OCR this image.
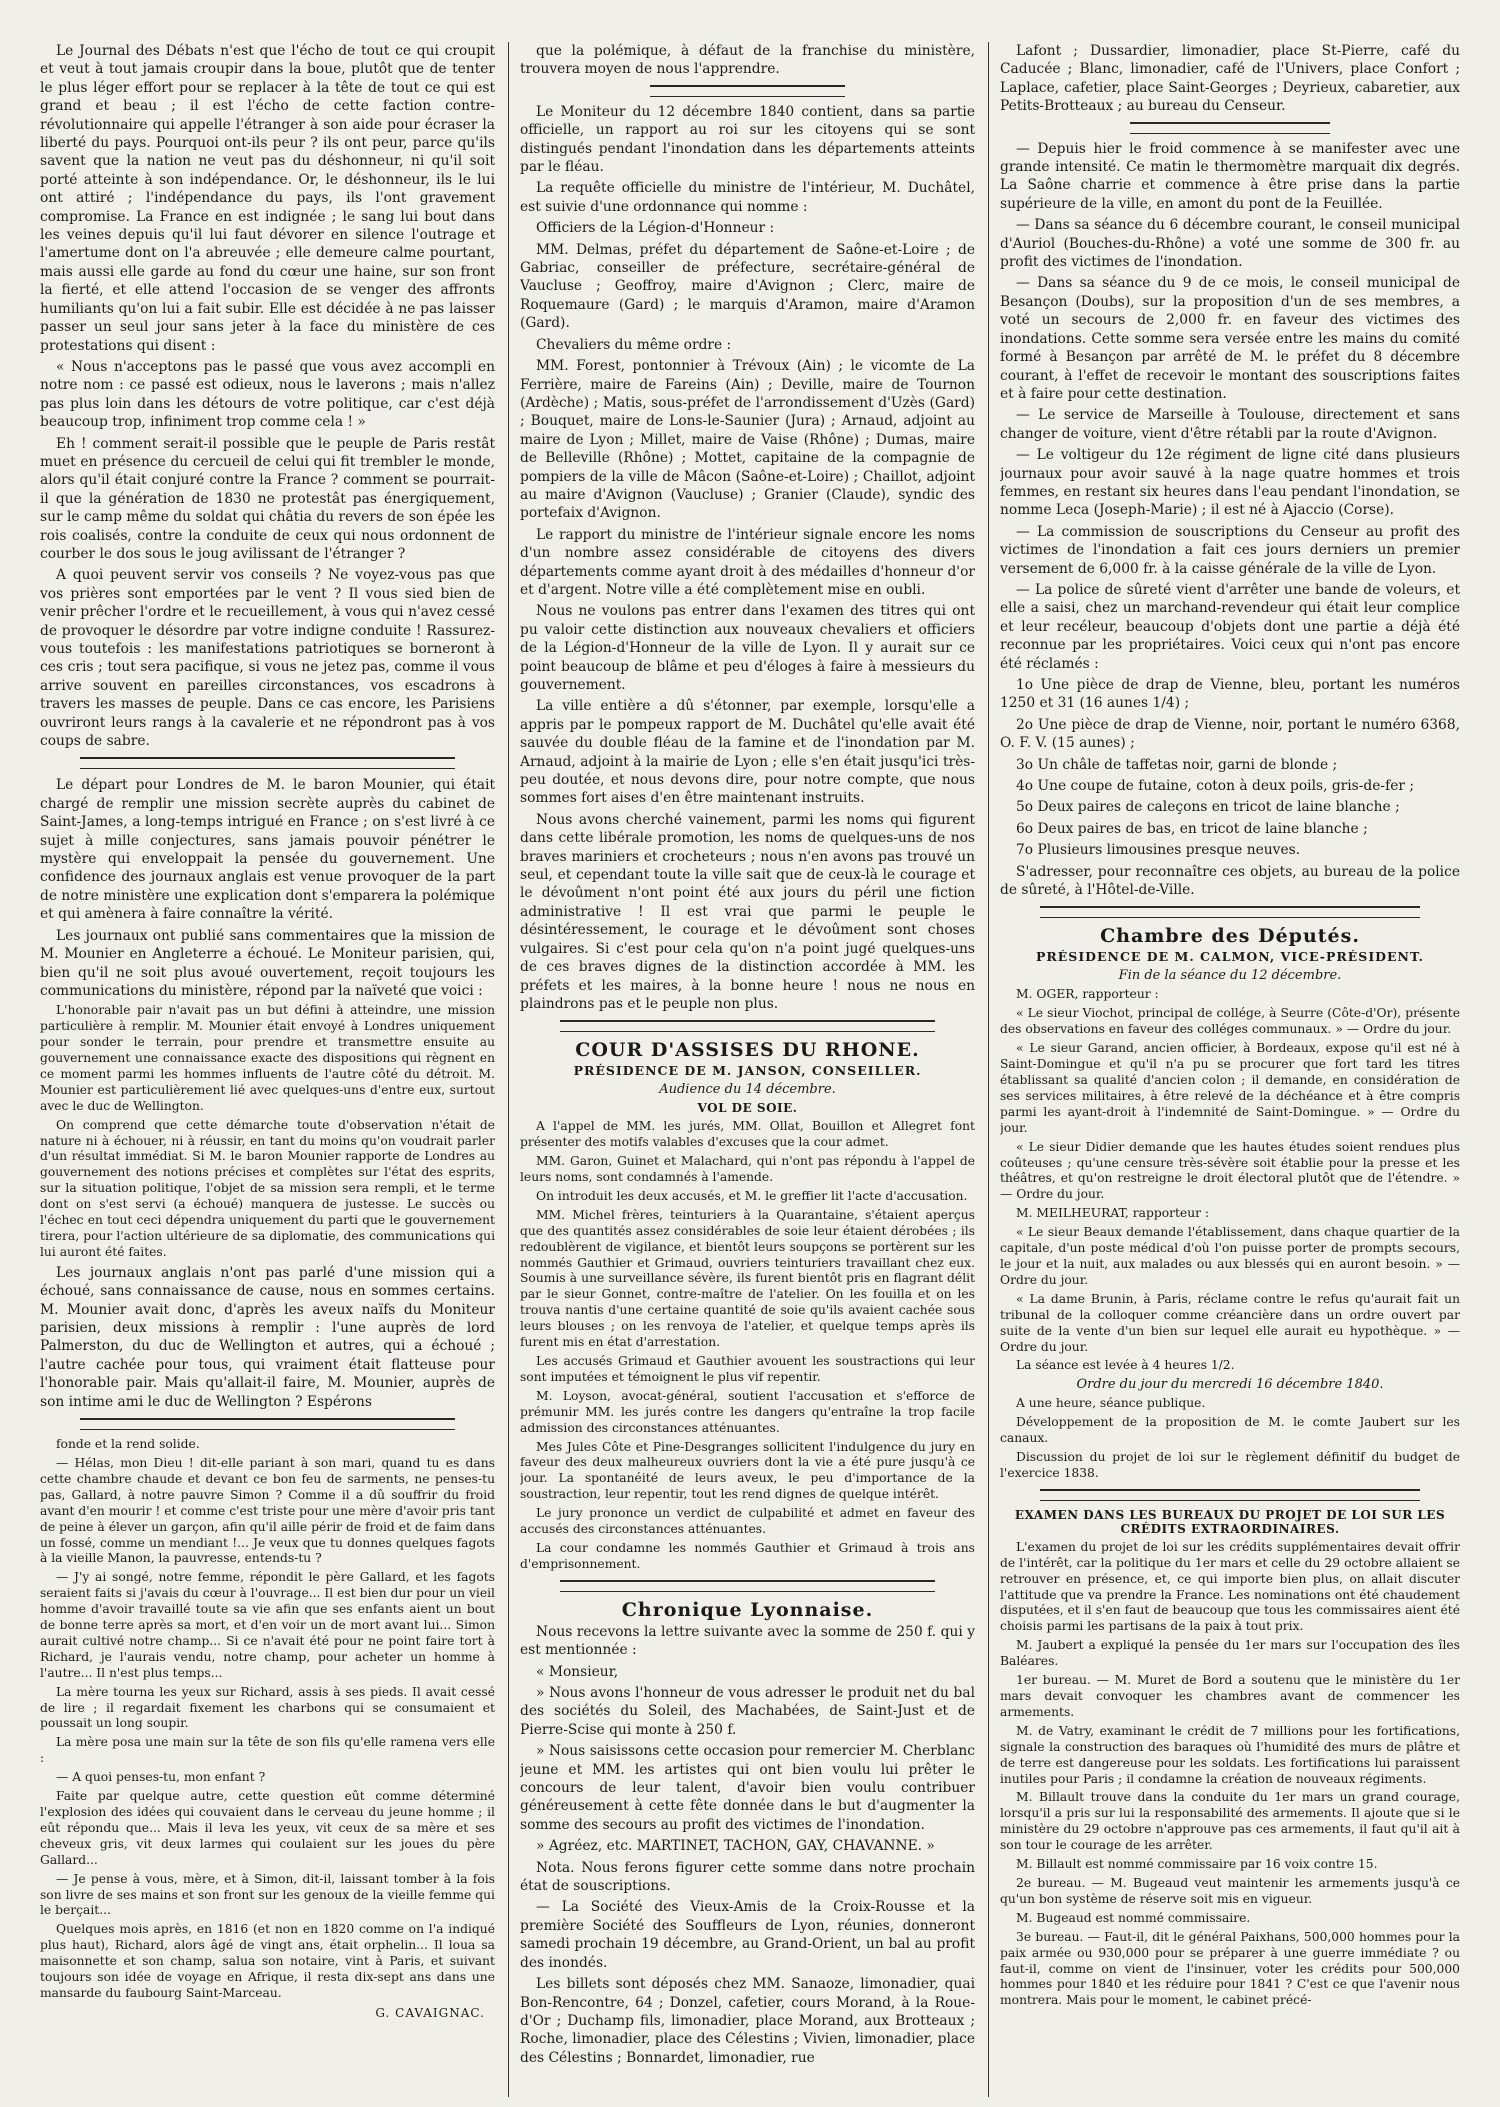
Le Journal des Débats n'est que l'écho de tout ce qui croupit et veut à tout jamais croupir dans la boue, plutôt que de tenter le plus léger effort pour se replacer à la tête de tout ce qui est grand et beau ; il est l'écho de cette faction contre-révolutionnaire qui appelle l'étranger à son aide pour écraser la liberté du pays. Pourquoi ont-ils peur ? ils ont peur, parce qu'ils savent que la nation ne veut pas du déshonneur, ni qu'il soit porté atteinte à son indépendance. Or, le déshonneur, ils le lui ont attiré ; l'indépendance du pays, ils l'ont gravement compromise. La France en est indignée ; le sang lui bout dans les veines depuis qu'il lui faut dévorer en silence l'outrage et l'amertume dont on l'a abreuvée ; elle demeure calme pourtant, mais aussi elle garde au fond du cœur une haine, sur son front la fierté, et elle attend l'occasion de se venger des affronts humiliants qu'on lui a fait subir. Elle est décidée à ne pas laisser passer un seul jour sans jeter à la face du ministère de ces protestations qui disent :

« Nous n'acceptons pas le passé que vous avez accompli en notre nom : ce passé est odieux, nous le laverons ; mais n'allez pas plus loin dans les détours de votre politique, car c'est déjà beaucoup trop, infiniment trop comme cela ! »

Eh ! comment serait-il possible que le peuple de Paris restât muet en présence du cercueil de celui qui fit trembler le monde, alors qu'il était conjuré contre la France ? comment se pourrait-il que la génération de 1830 ne protestât pas énergiquement, sur le camp même du soldat qui châtia du revers de son épée les rois coalisés, contre la conduite de ceux qui nous ordonnent de courber le dos sous le joug avilissant de l'étranger ?

A quoi peuvent servir vos conseils ? Ne voyez-vous pas que vos prières sont emportées par le vent ? Il vous sied bien de venir prêcher l'ordre et le recueillement, à vous qui n'avez cessé de provoquer le désordre par votre indigne conduite ! Rassurez-vous toutefois : les manifestations patriotiques se borneront à ces cris ; tout sera pacifique, si vous ne jetez pas, comme il vous arrive souvent en pareilles circonstances, vos escadrons à travers les masses de peuple. Dans ce cas encore, les Parisiens ouvriront leurs rangs à la cavalerie et ne répondront pas à vos coups de sabre.

Le départ pour Londres de M. le baron Mounier, qui était chargé de remplir une mission secrète auprès du cabinet de Saint-James, a long-temps intrigué en France ; on s'est livré à ce sujet à mille conjectures, sans jamais pouvoir pénétrer le mystère qui enveloppait la pensée du gouvernement. Une confidence des journaux anglais est venue provoquer de la part de notre ministère une explication dont s'emparera la polémique et qui amènera à faire connaître la vérité.

Les journaux ont publié sans commentaires que la mission de M. Mounier en Angleterre a échoué. Le Moniteur parisien, qui, bien qu'il ne soit plus avoué ouvertement, reçoit toujours les communications du ministère, répond par la naïveté que voici :

L'honorable pair n'avait pas un but défini à atteindre, une mission particulière à remplir. M. Mounier était envoyé à Londres uniquement pour sonder le terrain, pour prendre et transmettre ensuite au gouvernement une connaissance exacte des dispositions qui règnent en ce moment parmi les hommes influents de l'autre côté du détroit. M. Mounier est particulièrement lié avec quelques-uns d'entre eux, surtout avec le duc de Wellington.

On comprend que cette démarche toute d'observation n'était de nature ni à échouer, ni à réussir, en tant du moins qu'on voudrait parler d'un résultat immédiat. Si M. le baron Mounier rapporte de Londres au gouvernement des notions précises et complètes sur l'état des esprits, sur la situation politique, l'objet de sa mission sera rempli, et le terme dont on s'est servi (a échoué) manquera de justesse. Le succès ou l'échec en tout ceci dépendra uniquement du parti que le gouvernement tirera, pour l'action ultérieure de sa diplomatie, des communications qui lui auront été faites.

Les journaux anglais n'ont pas parlé d'une mission qui a échoué, sans connaissance de cause, nous en sommes certains. M. Mounier avait donc, d'après les aveux naïfs du Moniteur parisien, deux missions à remplir : l'une auprès de lord Palmerston, du duc de Wellington et autres, qui a échoué ; l'autre cachée pour tous, qui vraiment était flatteuse pour l'honorable pair. Mais qu'allait-il faire, M. Mounier, auprès de son intime ami le duc de Wellington ? Espérons

fonde et la rend solide.

— Hélas, mon Dieu ! dit-elle pariant à son mari, quand tu es dans cette chambre chaude et devant ce bon feu de sarments, ne penses-tu pas, Gallard, à notre pauvre Simon ? Comme il a dû souffrir du froid avant d'en mourir ! et comme c'est triste pour une mère d'avoir pris tant de peine à élever un garçon, afin qu'il aille périr de froid et de faim dans un fossé, comme un mendiant !... Je veux que tu donnes quelques fagots à la vieille Manon, la pauvresse, entends-tu ?

— J'y ai songé, notre femme, répondit le père Gallard, et les fagots seraient faits si j'avais du cœur à l'ouvrage... Il est bien dur pour un vieil homme d'avoir travaillé toute sa vie afin que ses enfants aient un bout de bonne terre après sa mort, et d'en voir un de mort avant lui... Simon aurait cultivé notre champ... Si ce n'avait été pour ne point faire tort à Richard, je l'aurais vendu, notre champ, pour acheter un homme à l'autre... Il n'est plus temps...

La mère tourna les yeux sur Richard, assis à ses pieds. Il avait cessé de lire ; il regardait fixement les charbons qui se consumaient et poussait un long soupir.

La mère posa une main sur la tête de son fils qu'elle ramena vers elle :

— A quoi penses-tu, mon enfant ?

Faite par quelque autre, cette question eût comme déterminé l'explosion des idées qui couvaient dans le cerveau du jeune homme ; il eût répondu que... Mais il leva les yeux, vit ceux de sa mère et ses cheveux gris, vit deux larmes qui coulaient sur les joues du père Gallard...

— Je pense à vous, mère, et à Simon, dit-il, laissant tomber à la fois son livre de ses mains et son front sur les genoux de la vieille femme qui le berçait...

Quelques mois après, en 1816 (et non en 1820 comme on l'a indiqué plus haut), Richard, alors âgé de vingt ans, était orphelin... Il loua sa maisonnette et son champ, salua son notaire, vint à Paris, et suivant toujours son idée de voyage en Afrique, il resta dix-sept ans dans une mansarde du faubourg Saint-Marceau.

G. CAVAIGNAC.

que la polémique, à défaut de la franchise du ministère, trouvera moyen de nous l'apprendre.

Le Moniteur du 12 décembre 1840 contient, dans sa partie officielle, un rapport au roi sur les citoyens qui se sont distingués pendant l'inondation dans les départements atteints par le fléau.

La requête officielle du ministre de l'intérieur, M. Duchâtel, est suivie d'une ordonnance qui nomme :

Officiers de la Légion-d'Honneur :

MM. Delmas, préfet du département de Saône-et-Loire ; de Gabriac, conseiller de préfecture, secrétaire-général de Vaucluse ; Geoffroy, maire d'Avignon ; Clerc, maire de Roquemaure (Gard) ; le marquis d'Aramon, maire d'Aramon (Gard).

Chevaliers du même ordre :

MM. Forest, pontonnier à Trévoux (Ain) ; le vicomte de La Ferrière, maire de Fareins (Ain) ; Deville, maire de Tournon (Ardèche) ; Matis, sous-préfet de l'arrondissement d'Uzès (Gard) ; Bouquet, maire de Lons-le-Saunier (Jura) ; Arnaud, adjoint au maire de Lyon ; Millet, maire de Vaise (Rhône) ; Dumas, maire de Belleville (Rhône) ; Mottet, capitaine de la compagnie de pompiers de la ville de Mâcon (Saône-et-Loire) ; Chaillot, adjoint au maire d'Avignon (Vaucluse) ; Granier (Claude), syndic des portefaix d'Avignon.

Le rapport du ministre de l'intérieur signale encore les noms d'un nombre assez considérable de citoyens des divers départements comme ayant droit à des médailles d'honneur d'or et d'argent. Notre ville a été complètement mise en oubli.

Nous ne voulons pas entrer dans l'examen des titres qui ont pu valoir cette distinction aux nouveaux chevaliers et officiers de la Légion-d'Honneur de la ville de Lyon. Il y aurait sur ce point beaucoup de blâme et peu d'éloges à faire à messieurs du gouvernement.

La ville entière a dû s'étonner, par exemple, lorsqu'elle a appris par le pompeux rapport de M. Duchâtel qu'elle avait été sauvée du double fléau de la famine et de l'inondation par M. Arnaud, adjoint à la mairie de Lyon ; elle s'en était jusqu'ici très-peu doutée, et nous devons dire, pour notre compte, que nous sommes fort aises d'en être maintenant instruits.

Nous avons cherché vainement, parmi les noms qui figurent dans cette libérale promotion, les noms de quelques-uns de nos braves mariniers et crocheteurs ; nous n'en avons pas trouvé un seul, et cependant toute la ville sait que de ceux-là le courage et le dévoûment n'ont point été aux jours du péril une fiction administrative ! Il est vrai que parmi le peuple le désintéressement, le courage et le dévoûment sont choses vulgaires. Si c'est pour cela qu'on n'a point jugé quelques-uns de ces braves dignes de la distinction accordée à MM. les préfets et les maires, à la bonne heure ! nous ne nous en plaindrons pas et le peuple non plus.

COUR D'ASSISES DU RHONE.
PRÉSIDENCE DE M. JANSON, CONSEILLER.
Audience du 14 décembre.
VOL DE SOIE.

A l'appel de MM. les jurés, MM. Ollat, Bouillon et Allegret font présenter des motifs valables d'excuses que la cour admet.

MM. Garon, Guinet et Malachard, qui n'ont pas répondu à l'appel de leurs noms, sont condamnés à l'amende.

On introduit les deux accusés, et M. le greffier lit l'acte d'accusation.

MM. Michel frères, teinturiers à la Quarantaine, s'étaient aperçus que des quantités assez considérables de soie leur étaient dérobées ; ils redoublèrent de vigilance, et bientôt leurs soupçons se portèrent sur les nommés Gauthier et Grimaud, ouvriers teinturiers travaillant chez eux. Soumis à une surveillance sévère, ils furent bientôt pris en flagrant délit par le sieur Gonnet, contre-maître de l'atelier. On les fouilla et on les trouva nantis d'une certaine quantité de soie qu'ils avaient cachée sous leurs blouses ; on les renvoya de l'atelier, et quelque temps après ils furent mis en état d'arrestation.

Les accusés Grimaud et Gauthier avouent les soustractions qui leur sont imputées et témoignent le plus vif repentir.

M. Loyson, avocat-général, soutient l'accusation et s'efforce de prémunir MM. les jurés contre les dangers qu'entraîne la trop facile admission des circonstances atténuantes.

Mes Jules Côte et Pine-Desgranges sollicitent l'indulgence du jury en faveur des deux malheureux ouvriers dont la vie a été pure jusqu'à ce jour. La spontanéité de leurs aveux, le peu d'importance de la soustraction, leur repentir, tout les rend dignes de quelque intérêt.

Le jury prononce un verdict de culpabilité et admet en faveur des accusés des circonstances atténuantes.

La cour condamne les nommés Gauthier et Grimaud à trois ans d'emprisonnement.

Chronique Lyonnaise.

Nous recevons la lettre suivante avec la somme de 250 f. qui y est mentionnée :

« Monsieur,

» Nous avons l'honneur de vous adresser le produit net du bal des sociétés du Soleil, des Machabées, de Saint-Just et de Pierre-Scise qui monte à 250 f.

» Nous saisissons cette occasion pour remercier M. Cherblanc jeune et MM. les artistes qui ont bien voulu lui prêter le concours de leur talent, d'avoir bien voulu contribuer généreusement à cette fête donnée dans le but d'augmenter la somme des secours au profit des victimes de l'inondation.

» Agréez, etc. MARTINET, TACHON, GAY, CHAVANNE. »

Nota. Nous ferons figurer cette somme dans notre prochain état de souscriptions.

— La Société des Vieux-Amis de la Croix-Rousse et la première Société des Souffleurs de Lyon, réunies, donneront samedi prochain 19 décembre, au Grand-Orient, un bal au profit des inondés.

Les billets sont déposés chez MM. Sanaoze, limonadier, quai Bon-Rencontre, 64 ; Donzel, cafetier, cours Morand, à la Roue-d'Or ; Duchamp fils, limonadier, place Morand, aux Brotteaux ; Roche, limonadier, place des Célestins ; Vivien, limonadier, place des Célestins ; Bonnardet, limonadier, rue

Lafont ; Dussardier, limonadier, place St-Pierre, café du Caducée ; Blanc, limonadier, café de l'Univers, place Confort ; Laplace, cafetier, place Saint-Georges ; Deyrieux, cabaretier, aux Petits-Brotteaux ; au bureau du Censeur.

— Depuis hier le froid commence à se manifester avec une grande intensité. Ce matin le thermomètre marquait dix degrés. La Saône charrie et commence à être prise dans la partie supérieure de la ville, en amont du pont de la Feuillée.

— Dans sa séance du 6 décembre courant, le conseil municipal d'Auriol (Bouches-du-Rhône) a voté une somme de 300 fr. au profit des victimes de l'inondation.

— Dans sa séance du 9 de ce mois, le conseil municipal de Besançon (Doubs), sur la proposition d'un de ses membres, a voté un secours de 2,000 fr. en faveur des victimes des inondations. Cette somme sera versée entre les mains du comité formé à Besançon par arrêté de M. le préfet du 8 décembre courant, à l'effet de recevoir le montant des souscriptions faites et à faire pour cette destination.

— Le service de Marseille à Toulouse, directement et sans changer de voiture, vient d'être rétabli par la route d'Avignon.

— Le voltigeur du 12e régiment de ligne cité dans plusieurs journaux pour avoir sauvé à la nage quatre hommes et trois femmes, en restant six heures dans l'eau pendant l'inondation, se nomme Leca (Joseph-Marie) ; il est né à Ajaccio (Corse).

— La commission de souscriptions du Censeur au profit des victimes de l'inondation a fait ces jours derniers un premier versement de 6,000 fr. à la caisse générale de la ville de Lyon.

— La police de sûreté vient d'arrêter une bande de voleurs, et elle a saisi, chez un marchand-revendeur qui était leur complice et leur recéleur, beaucoup d'objets dont une partie a déjà été reconnue par les propriétaires. Voici ceux qui n'ont pas encore été réclamés :

1o Une pièce de drap de Vienne, bleu, portant les numéros 1250 et 31 (16 aunes 1/4) ;

2o Une pièce de drap de Vienne, noir, portant le numéro 6368, O. F. V. (15 aunes) ;

3o Un châle de taffetas noir, garni de blonde ;

4o Une coupe de futaine, coton à deux poils, gris-de-fer ;

5o Deux paires de caleçons en tricot de laine blanche ;

6o Deux paires de bas, en tricot de laine blanche ;

7o Plusieurs limousines presque neuves.

S'adresser, pour reconnaître ces objets, au bureau de la police de sûreté, à l'Hôtel-de-Ville.

Chambre des Députés.
PRÉSIDENCE DE M. CALMON, VICE-PRÉSIDENT.
Fin de la séance du 12 décembre.

M. OGER, rapporteur :

« Le sieur Viochot, principal de collége, à Seurre (Côte-d'Or), présente des observations en faveur des colléges communaux. » — Ordre du jour.

« Le sieur Garand, ancien officier, à Bordeaux, expose qu'il est né à Saint-Domingue et qu'il n'a pu se procurer que fort tard les titres établissant sa qualité d'ancien colon ; il demande, en considération de ses services militaires, à être relevé de la déchéance et à être compris parmi les ayant-droit à l'indemnité de Saint-Domingue. » — Ordre du jour.

« Le sieur Didier demande que les hautes études soient rendues plus coûteuses ; qu'une censure très-sévère soit établie pour la presse et les théâtres, et qu'on restreigne le droit électoral plutôt que de l'étendre. » — Ordre du jour.

M. MEILHEURAT, rapporteur :

« Le sieur Beaux demande l'établissement, dans chaque quartier de la capitale, d'un poste médical d'où l'on puisse porter de prompts secours, le jour et la nuit, aux malades ou aux blessés qui en auront besoin. » — Ordre du jour.

« La dame Brunin, à Paris, réclame contre le refus qu'aurait fait un tribunal de la colloquer comme créancière dans un ordre ouvert par suite de la vente d'un bien sur lequel elle aurait eu hypothèque. » — Ordre du jour.

La séance est levée à 4 heures 1/2.

Ordre du jour du mercredi 16 décembre 1840.

A une heure, séance publique.

Développement de la proposition de M. le comte Jaubert sur les canaux.

Discussion du projet de loi sur le règlement définitif du budget de l'exercice 1838.

EXAMEN DANS LES BUREAUX DU PROJET DE LOI SUR LES CRÉDITS EXTRAORDINAIRES.

L'examen du projet de loi sur les crédits supplémentaires devait offrir de l'intérêt, car la politique du 1er mars et celle du 29 octobre allaient se retrouver en présence, et, ce qui importe bien plus, on allait discuter l'attitude que va prendre la France. Les nominations ont été chaudement disputées, et il s'en faut de beaucoup que tous les commissaires aient été choisis parmi les partisans de la paix à tout prix.

M. Jaubert a expliqué la pensée du 1er mars sur l'occupation des îles Baléares.

1er bureau. — M. Muret de Bord a soutenu que le ministère du 1er mars devait convoquer les chambres avant de commencer les armements.

M. de Vatry, examinant le crédit de 7 millions pour les fortifications, signale la construction des baraques où l'humidité des murs de plâtre et de terre est dangereuse pour les soldats. Les fortifications lui paraissent inutiles pour Paris ; il condamne la création de nouveaux régiments.

M. Billault trouve dans la conduite du 1er mars un grand courage, lorsqu'il a pris sur lui la responsabilité des armements. Il ajoute que si le ministère du 29 octobre n'approuve pas ces armements, il faut qu'il ait à son tour le courage de les arrêter.

M. Billault est nommé commissaire par 16 voix contre 15.

2e bureau. — M. Bugeaud veut maintenir les armements jusqu'à ce qu'un bon système de réserve soit mis en vigueur.

M. Bugeaud est nommé commissaire.

3e bureau. — Faut-il, dit le général Paixhans, 500,000 hommes pour la paix armée ou 930,000 pour se préparer à une guerre immédiate ? ou faut-il, comme on vient de l'insinuer, voter les crédits pour 500,000 hommes pour 1840 et les réduire pour 1841 ? C'est ce que l'avenir nous montrera. Mais pour le moment, le cabinet précé-
